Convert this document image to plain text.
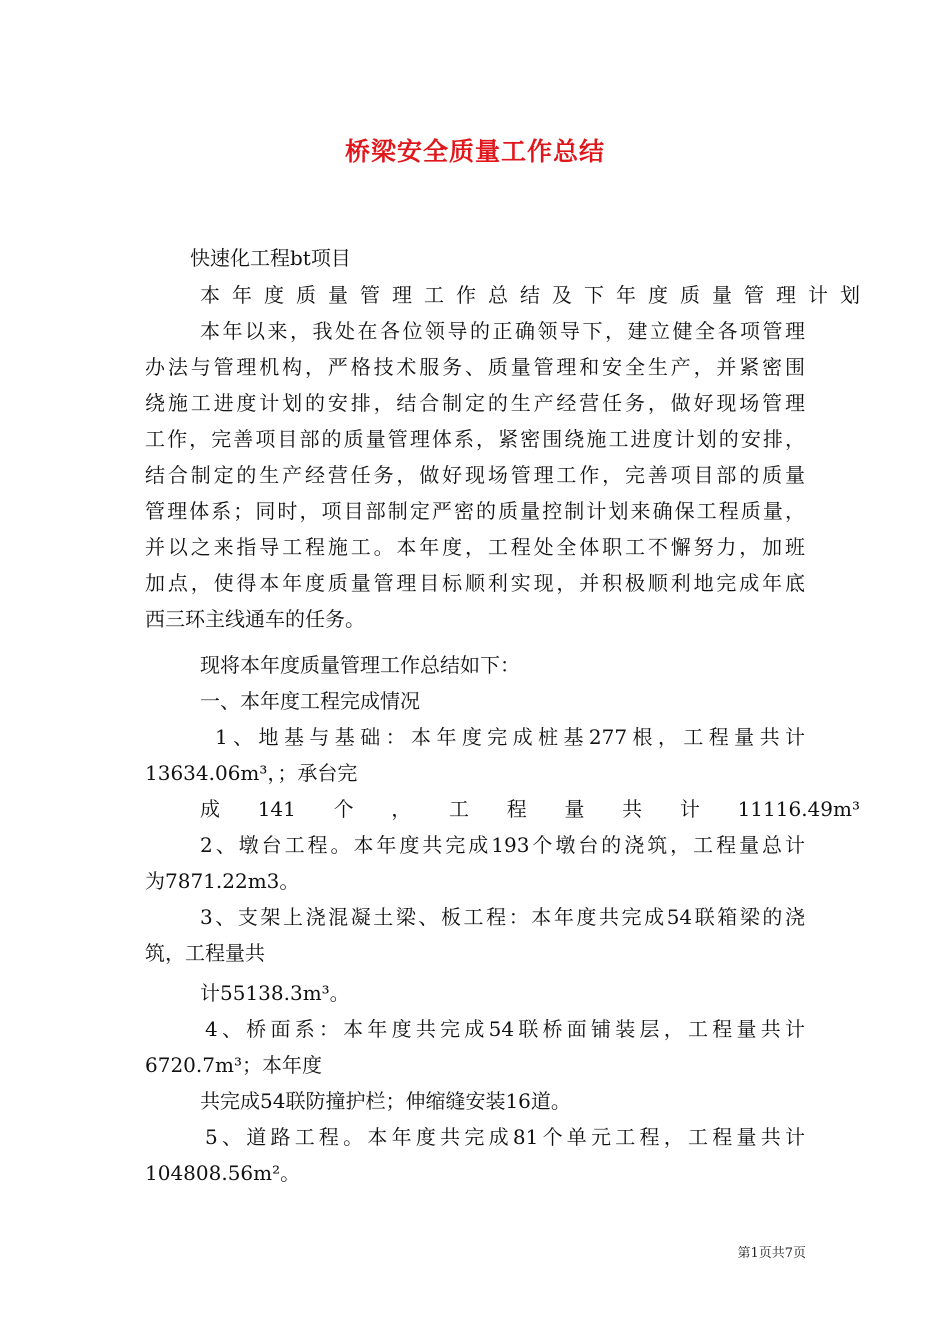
桥梁安全质量工作总结
快速化工程bt项目
本年度质量管理工作总结及下年度质量管理计划
本年以来，我处在各位领导的正确领导下，建立健全各项管理
办法与管理机构，严格技术服务、质量管理和安全生产，并紧密围
绕施工进度计划的安排，结合制定的生产经营任务，做好现场管理
工作，完善项目部的质量管理体系，紧密围绕施工进度计划的安排，
结合制定的生产经营任务，做好现场管理工作，完善项目部的质量
管理体系；同时，项目部制定严密的质量控制计划来确保工程质量，
并以之来指导工程施工。本年度，工程处全体职工不懈努力，加班
加点，使得本年度质量管理目标顺利实现，并积极顺利地完成年底
西三环主线通车的任务。
现将本年度质量管理工作总结如下：
一、本年度工程完成情况
1、地基与基础：本年度完成桩基277根，工程量共计
13634.06m³，；承台完
成141个，工程量共计11116.49m³
2、墩台工程。本年度共完成193个墩台的浇筑，工程量总计
为7871.22m3。
3、支架上浇混凝土梁、板工程：本年度共完成54联箱梁的浇
筑，工程量共
计55138.3m³。
4、桥面系：本年度共完成54联桥面铺装层，工程量共计
6720.7m³；本年度
共完成54联防撞护栏；伸缩缝安装16道。
5、道路工程。本年度共完成81个单元工程，工程量共计
104808.56m²。
第1页共7页
